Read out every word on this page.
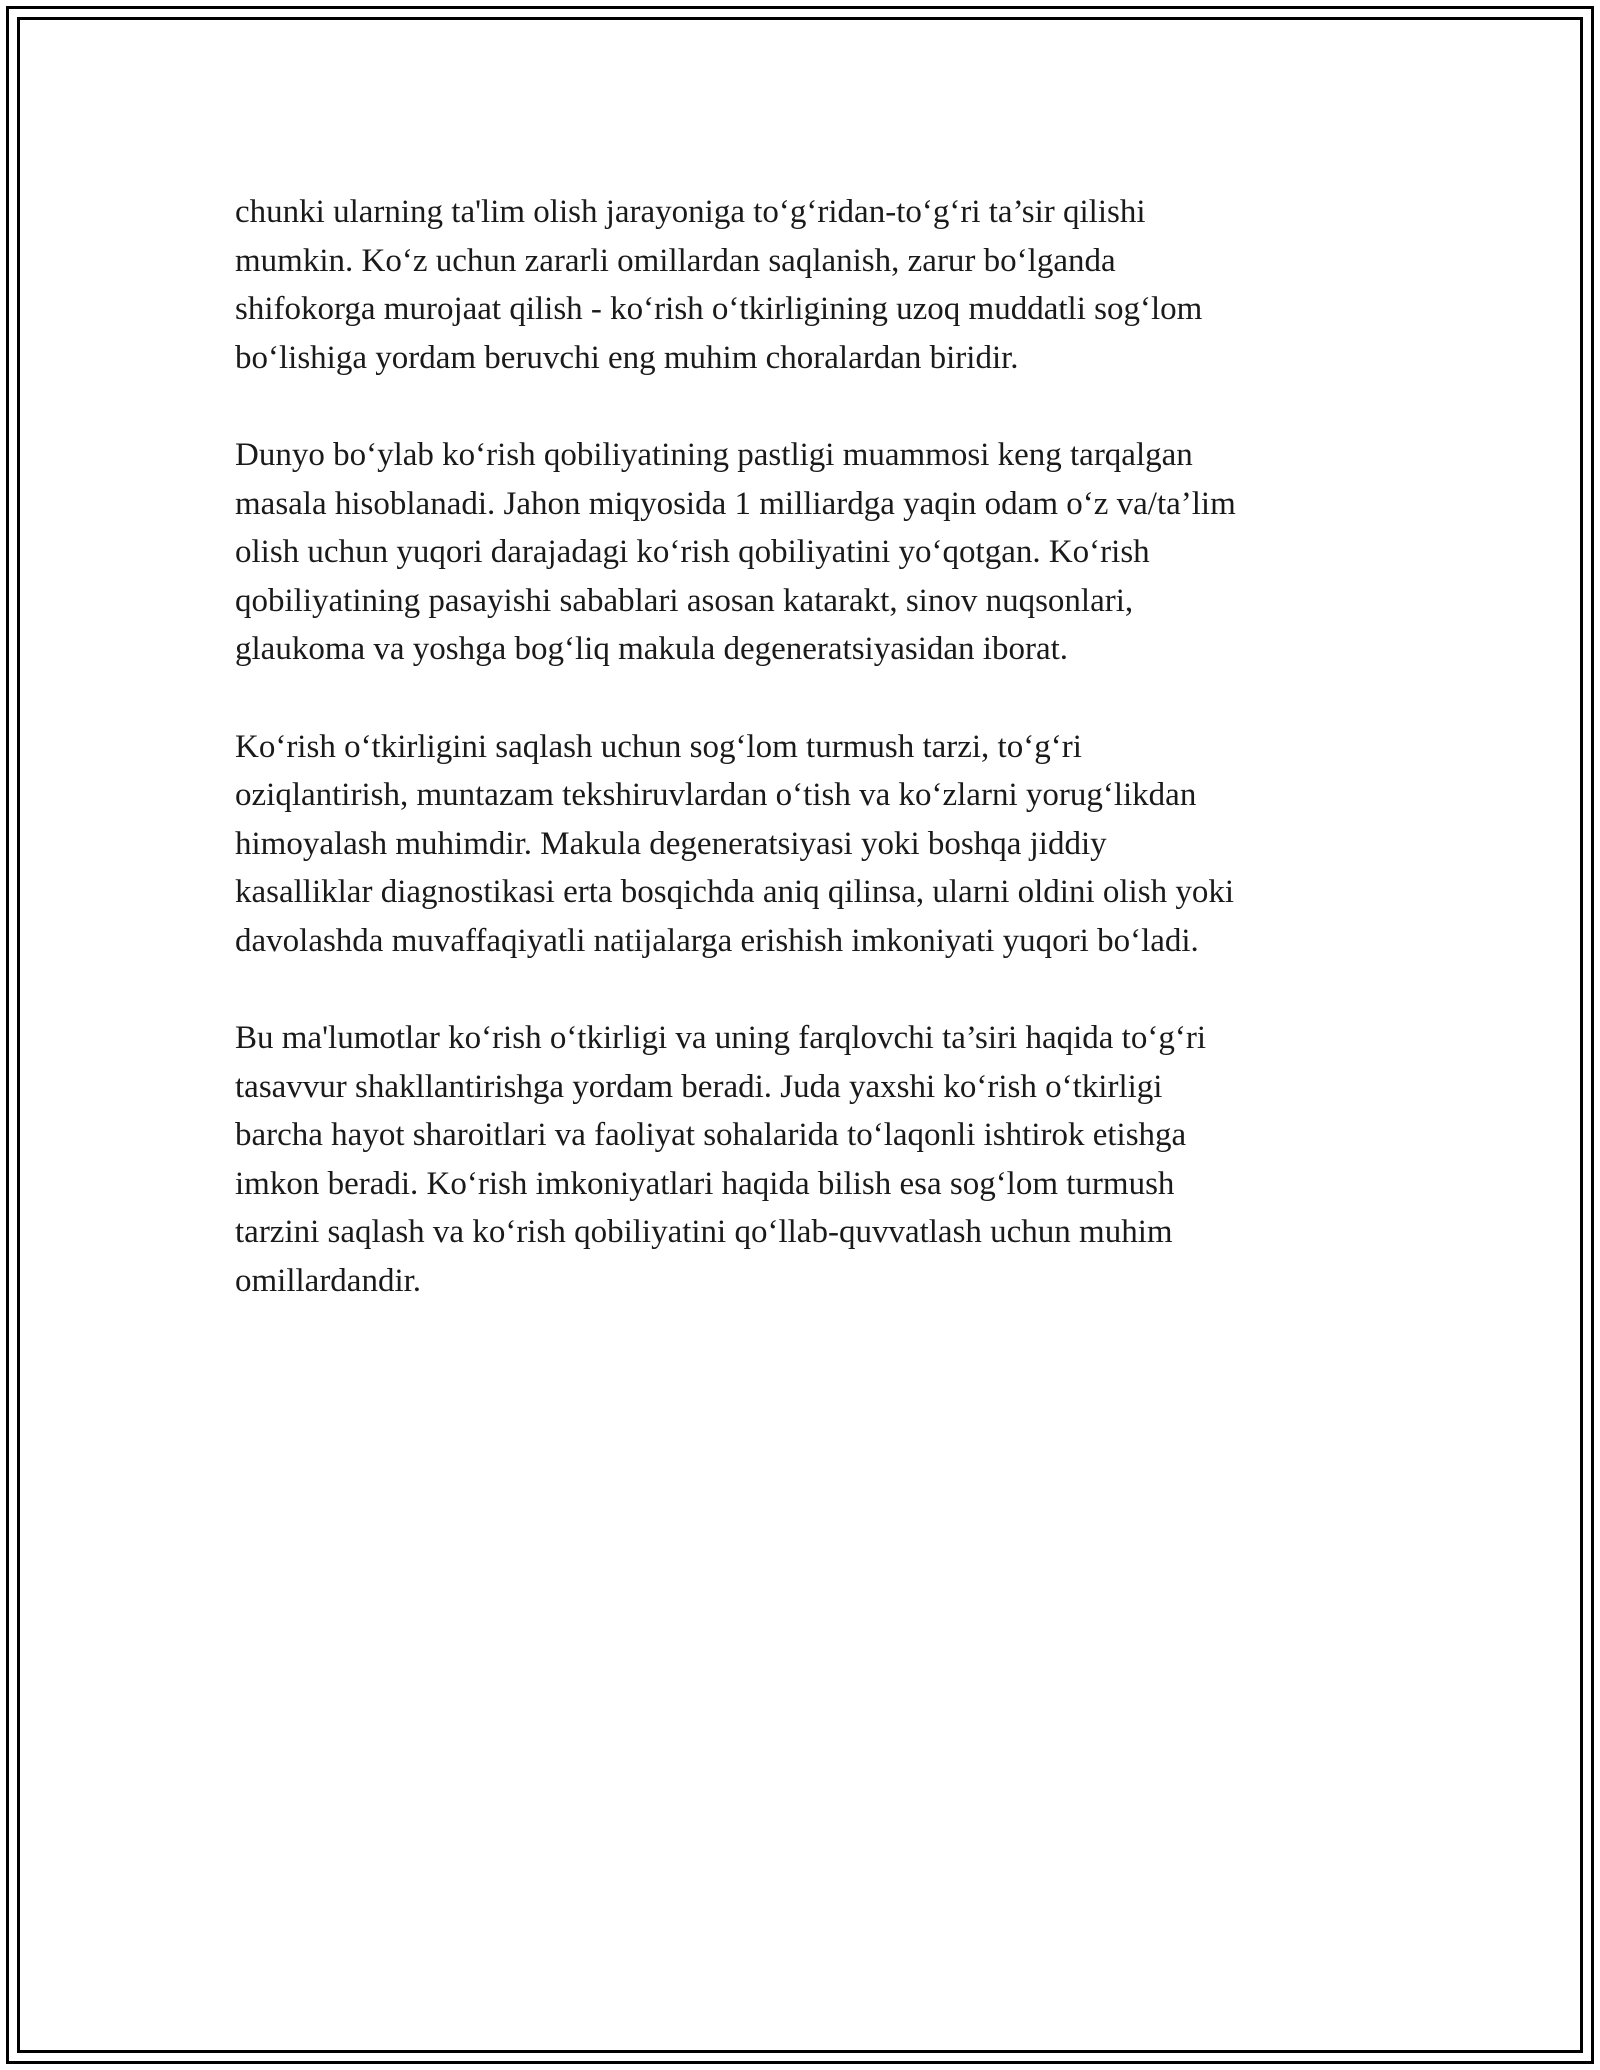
chunki ularning ta'lim olish jarayoniga to‘g‘ridan-to‘g‘ri ta’sir qilishi
mumkin. Ko‘z uchun zararli omillardan saqlanish, zarur bo‘lganda
shifokorga murojaat qilish - ko‘rish o‘tkirligining uzoq muddatli sog‘lom
bo‘lishiga yordam beruvchi eng muhim choralardan biridir.

Dunyo bo‘ylab ko‘rish qobiliyatining pastligi muammosi keng tarqalgan
masala hisoblanadi. Jahon miqyosida 1 milliardga yaqin odam o‘z va/ta’lim
olish uchun yuqori darajadagi ko‘rish qobiliyatini yo‘qotgan. Ko‘rish
qobiliyatining pasayishi sabablari asosan katarakt, sinov nuqsonlari,
glaukoma va yoshga bog‘liq makula degeneratsiyasidan iborat.

Ko‘rish o‘tkirligini saqlash uchun sog‘lom turmush tarzi, to‘g‘ri
oziqlantirish, muntazam tekshiruvlardan o‘tish va ko‘zlarni yorug‘likdan
himoyalash muhimdir. Makula degeneratsiyasi yoki boshqa jiddiy
kasalliklar diagnostikasi erta bosqichda aniq qilinsa, ularni oldini olish yoki
davolashda muvaffaqiyatli natijalarga erishish imkoniyati yuqori bo‘ladi.

Bu ma'lumotlar ko‘rish o‘tkirligi va uning farqlovchi ta’siri haqida to‘g‘ri
tasavvur shakllantirishga yordam beradi. Juda yaxshi ko‘rish o‘tkirligi
barcha hayot sharoitlari va faoliyat sohalarida to‘laqonli ishtirok etishga
imkon beradi. Ko‘rish imkoniyatlari haqida bilish esa sog‘lom turmush
tarzini saqlash va ko‘rish qobiliyatini qo‘llab-quvvatlash uchun muhim
omillardandir.
